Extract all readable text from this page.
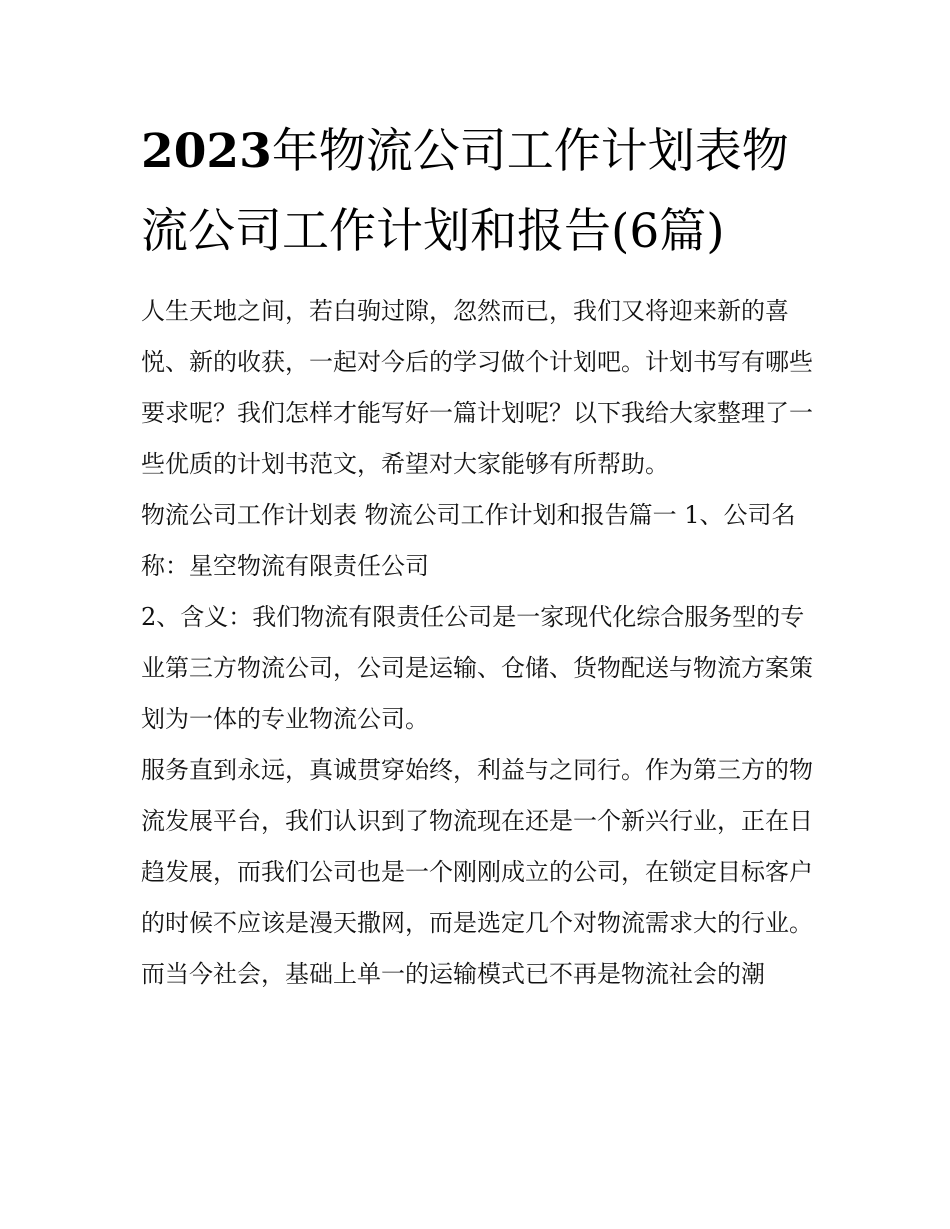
2023年物流公司工作计划表物流公司工作计划和报告(6篇)

人生天地之间，若白驹过隙，忽然而已，我们又将迎来新的喜悦、新的收获，一起对今后的学习做个计划吧。计划书写有哪些要求呢？我们怎样才能写好一篇计划呢？以下我给大家整理了一些优质的计划书范文，希望对大家能够有所帮助。

物流公司工作计划表 物流公司工作计划和报告篇一 1、公司名称：星空物流有限责任公司

2、含义：我们物流有限责任公司是一家现代化综合服务型的专业第三方物流公司，公司是运输、仓储、货物配送与物流方案策划为一体的专业物流公司。

服务直到永远，真诚贯穿始终，利益与之同行。作为第三方的物流发展平台，我们认识到了物流现在还是一个新兴行业，正在日趋发展，而我们公司也是一个刚刚成立的公司，在锁定目标客户的时候不应该是漫天撒网，而是选定几个对物流需求大的行业。

而当今社会，基础上单一的运输模式已不再是物流社会的潮
